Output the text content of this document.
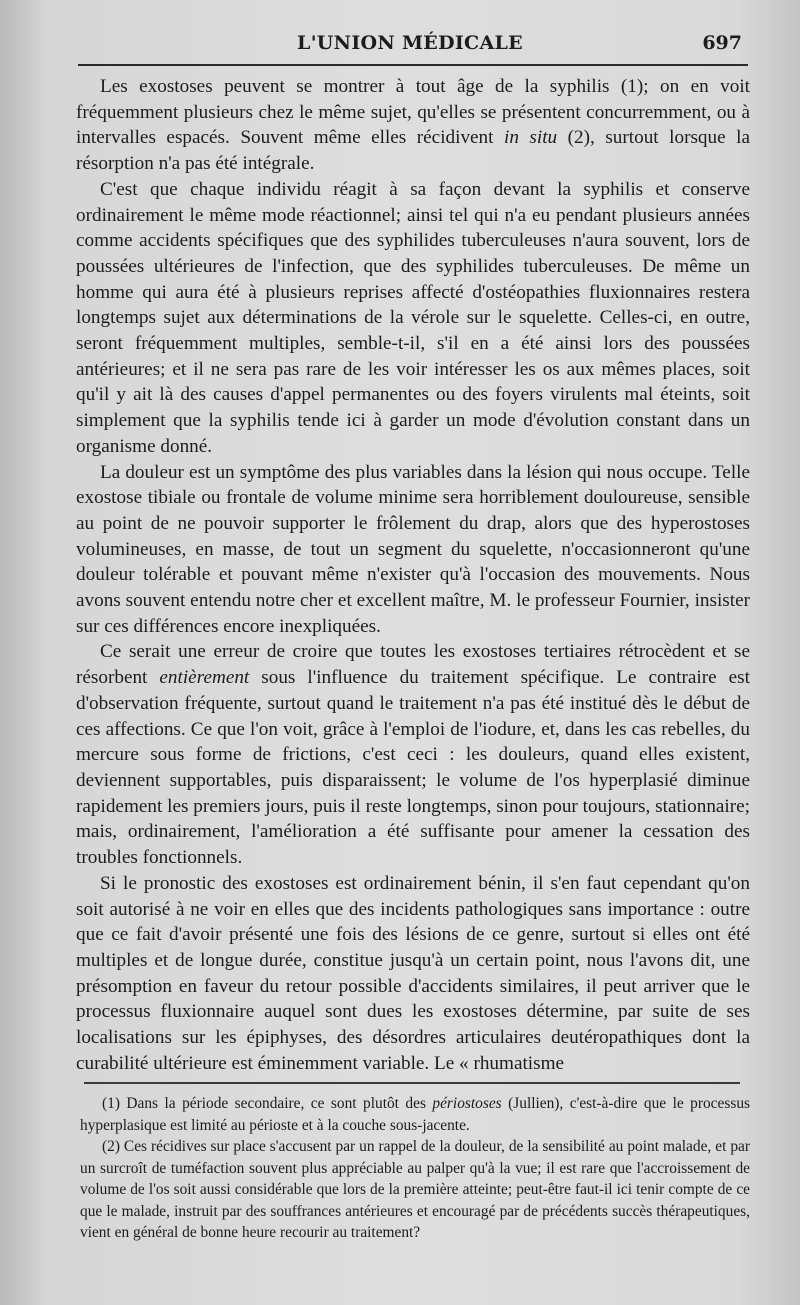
L'UNION MÉDICALE	697

Les exostoses peuvent se montrer à tout âge de la syphilis (1); on en voit fréquemment plusieurs chez le même sujet, qu'elles se présentent concurremment, ou à intervalles espacés. Souvent même elles récidivent in situ (2), surtout lorsque la résorption n'a pas été intégrale.

C'est que chaque individu réagit à sa façon devant la syphilis et conserve ordinairement le même mode réactionnel; ainsi tel qui n'a eu pendant plusieurs années comme accidents spécifiques que des syphilides tuberculeuses n'aura souvent, lors de poussées ultérieures de l'infection, que des syphilides tuberculeuses. De même un homme qui aura été à plusieurs reprises affecté d'ostéopathies fluxionnaires restera longtemps sujet aux déterminations de la vérole sur le squelette. Celles-ci, en outre, seront fréquemment multiples, semble-t-il, s'il en a été ainsi lors des poussées antérieures; et il ne sera pas rare de les voir intéresser les os aux mêmes places, soit qu'il y ait là des causes d'appel permanentes ou des foyers virulents mal éteints, soit simplement que la syphilis tende ici à garder un mode d'évolution constant dans un organisme donné.

La douleur est un symptôme des plus variables dans la lésion qui nous occupe. Telle exostose tibiale ou frontale de volume minime sera horriblement douloureuse, sensible au point de ne pouvoir supporter le frôlement du drap, alors que des hyperostoses volumineuses, en masse, de tout un segment du squelette, n'occasionneront qu'une douleur tolérable et pouvant même n'exister qu'à l'occasion des mouvements. Nous avons souvent entendu notre cher et excellent maître, M. le professeur Fournier, insister sur ces différences encore inexpliquées.

Ce serait une erreur de croire que toutes les exostoses tertiaires rétrocèdent et se résorbent entièrement sous l'influence du traitement spécifique. Le contraire est d'observation fréquente, surtout quand le traitement n'a pas été institué dès le début de ces affections. Ce que l'on voit, grâce à l'emploi de l'iodure, et, dans les cas rebelles, du mercure sous forme de frictions, c'est ceci : les douleurs, quand elles existent, deviennent supportables, puis disparaissent; le volume de l'os hyperplasié diminue rapidement les premiers jours, puis il reste longtemps, sinon pour toujours, stationnaire; mais, ordinairement, l'amélioration a été suffisante pour amener la cessation des troubles fonctionnels.

Si le pronostic des exostoses est ordinairement bénin, il s'en faut cependant qu'on soit autorisé à ne voir en elles que des incidents pathologiques sans importance : outre que ce fait d'avoir présenté une fois des lésions de ce genre, surtout si elles ont été multiples et de longue durée, constitue jusqu'à un certain point, nous l'avons dit, une présomption en faveur du retour possible d'accidents similaires, il peut arriver que le processus fluxionnaire auquel sont dues les exostoses détermine, par suite de ses localisations sur les épiphyses, des désordres articulaires deutéropathiques dont la curabilité ultérieure est éminemment variable. Le « rhumatisme

(1) Dans la période secondaire, ce sont plutôt des périostoses (Jullien), c'est-à-dire que le processus hyperplasique est limité au périoste et à la couche sous-jacente.

(2) Ces récidives sur place s'accusent par un rappel de la douleur, de la sensibilité au point malade, et par un surcroît de tuméfaction souvent plus appréciable au palper qu'à la vue; il est rare que l'accroissement de volume de l'os soit aussi considérable que lors de la première atteinte; peut-être faut-il ici tenir compte de ce que le malade, instruit par des souffrances antérieures et encouragé par de précédents succès thérapeutiques, vient en général de bonne heure recourir au traitement?
